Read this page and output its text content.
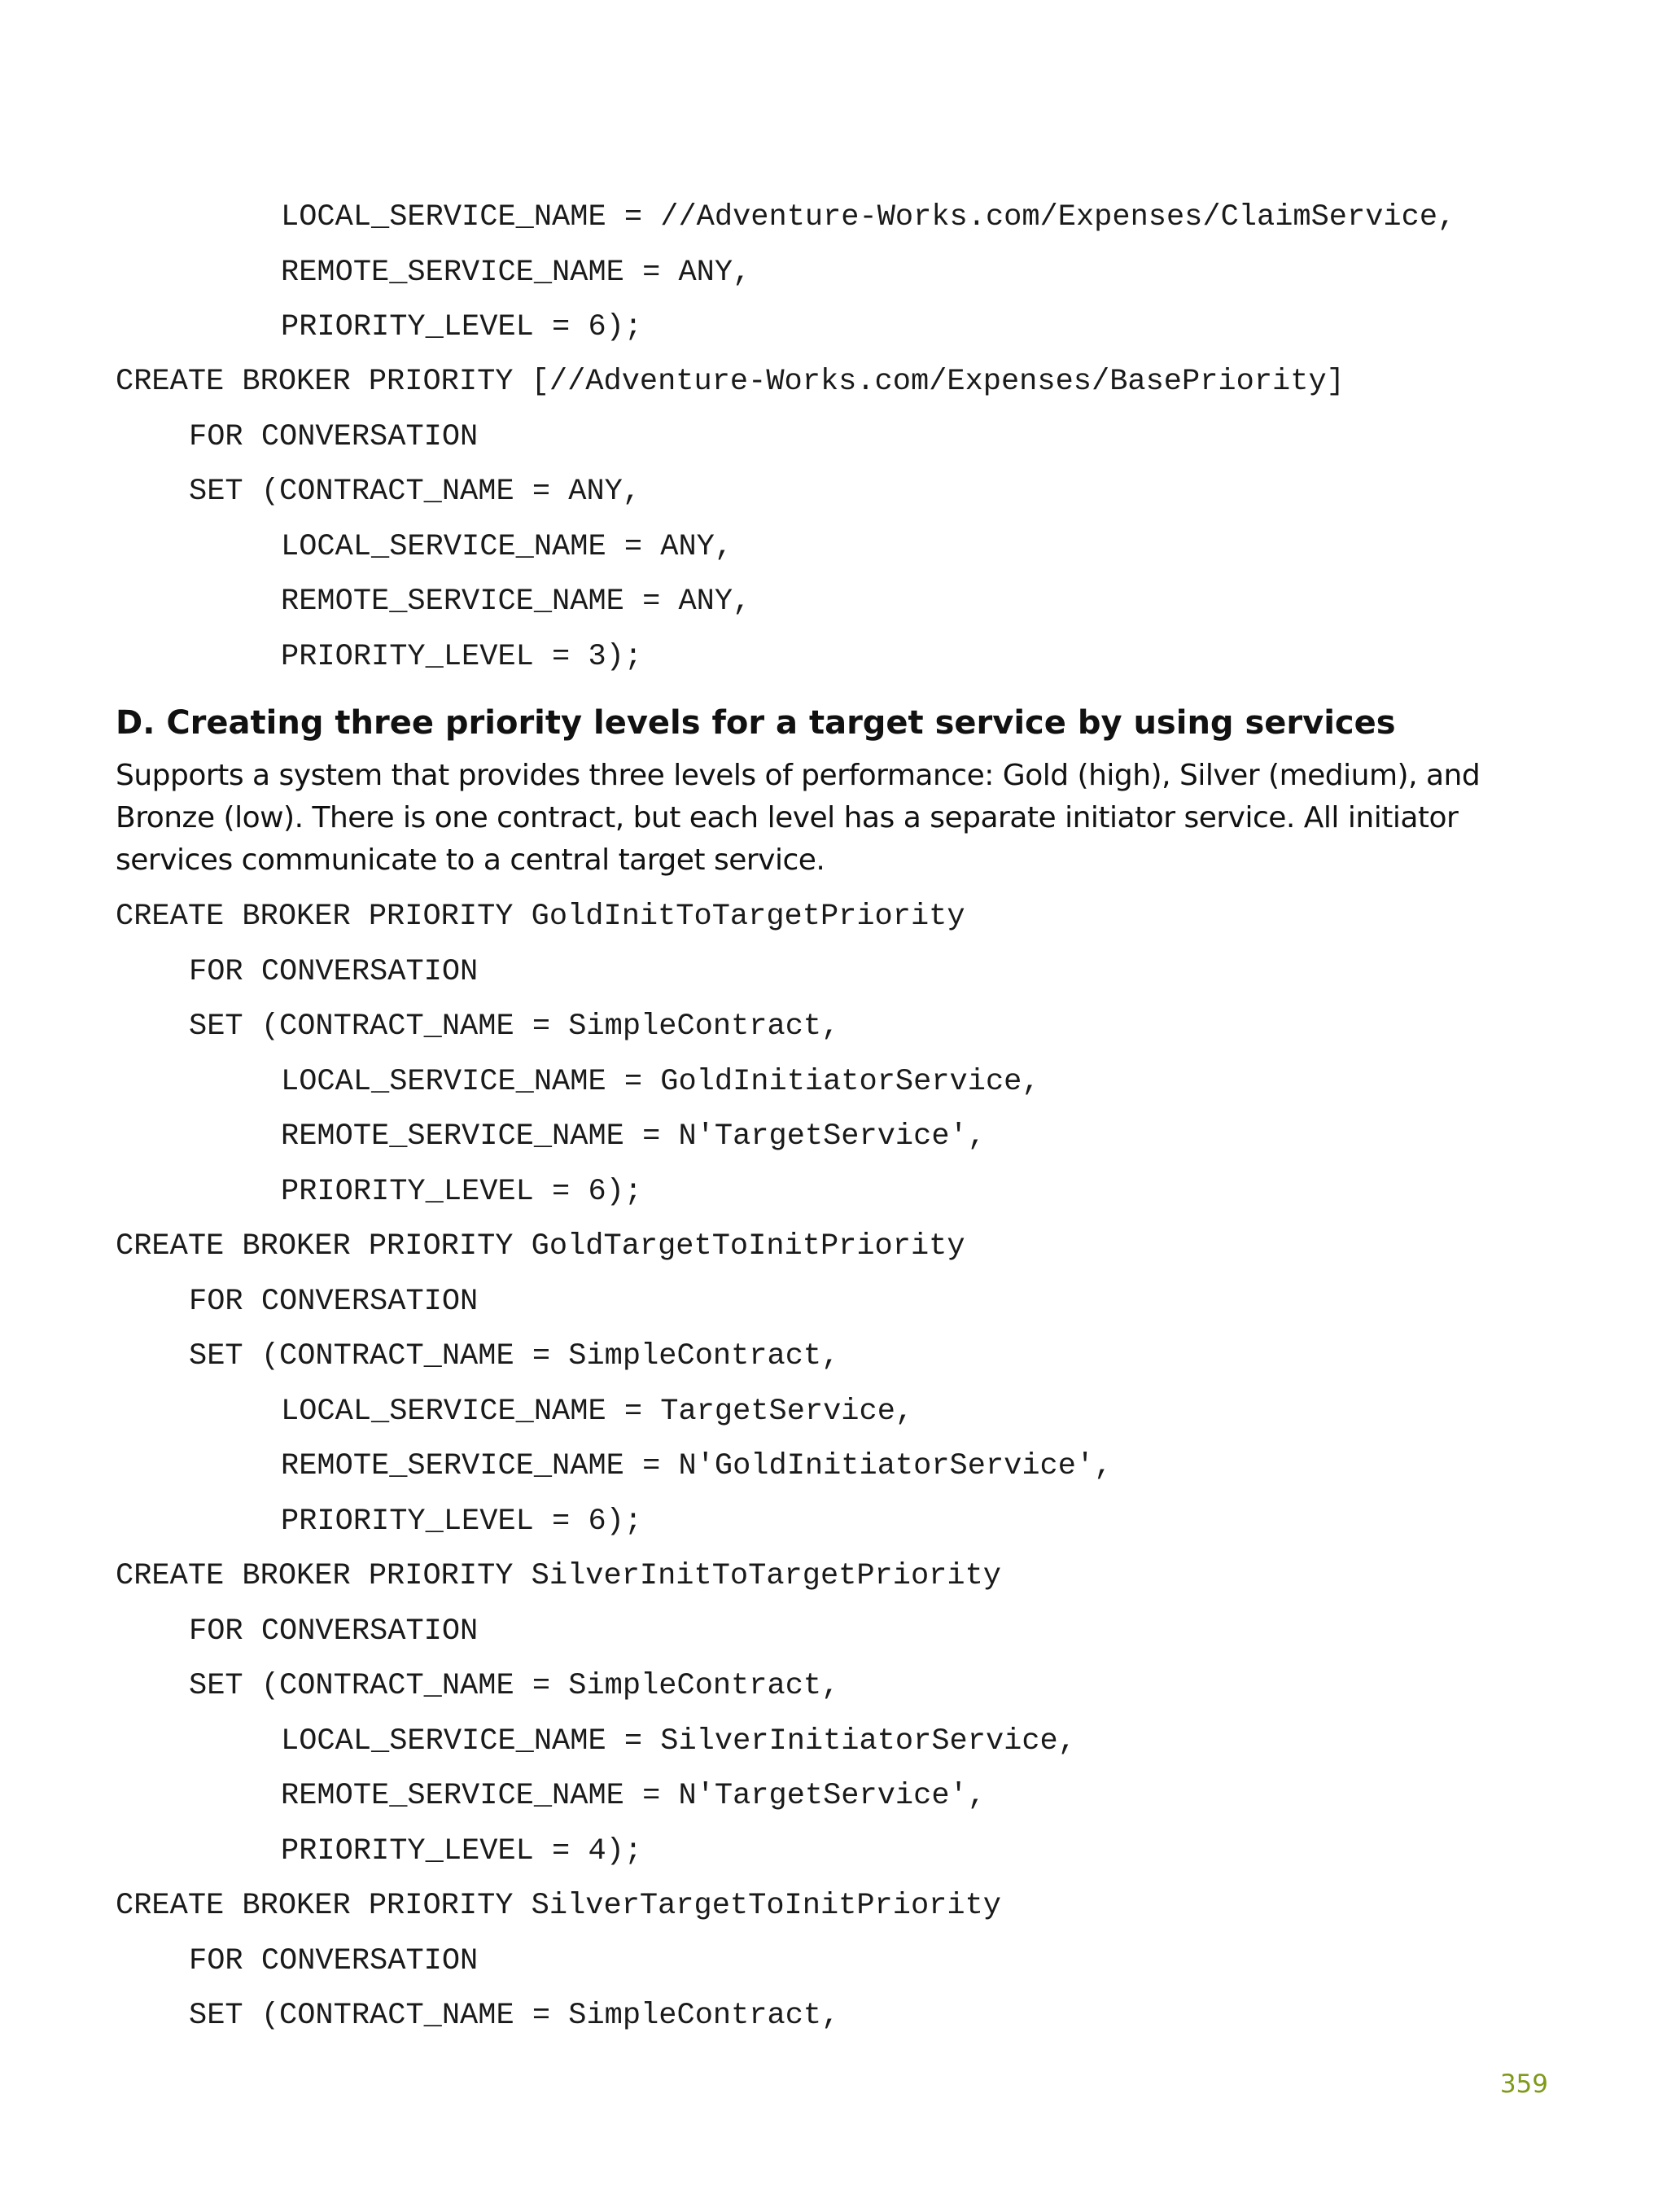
LOCAL_SERVICE_NAME = //Adventure-Works.com/Expenses/ClaimService,
REMOTE_SERVICE_NAME = ANY,
PRIORITY_LEVEL = 6);
CREATE BROKER PRIORITY [//Adventure-Works.com/Expenses/BasePriority]
FOR CONVERSATION
SET (CONTRACT_NAME = ANY,
LOCAL_SERVICE_NAME = ANY,
REMOTE_SERVICE_NAME = ANY,
PRIORITY_LEVEL = 3);
D. Creating three priority levels for a target service by using services

Supports a system that provides three levels of performance: Gold (high), Silver (medium), and Bronze (low). There is one contract, but each level has a separate initiator service. All initiator services communicate to a central target service.

CREATE BROKER PRIORITY GoldInitToTargetPriority
FOR CONVERSATION
SET (CONTRACT_NAME = SimpleContract,
LOCAL_SERVICE_NAME = GoldInitiatorService,
REMOTE_SERVICE_NAME = N'TargetService',
PRIORITY_LEVEL = 6);
CREATE BROKER PRIORITY GoldTargetToInitPriority
FOR CONVERSATION
SET (CONTRACT_NAME = SimpleContract,
LOCAL_SERVICE_NAME = TargetService,
REMOTE_SERVICE_NAME = N'GoldInitiatorService',
PRIORITY_LEVEL = 6);
CREATE BROKER PRIORITY SilverInitToTargetPriority
FOR CONVERSATION
SET (CONTRACT_NAME = SimpleContract,
LOCAL_SERVICE_NAME = SilverInitiatorService,
REMOTE_SERVICE_NAME = N'TargetService',
PRIORITY_LEVEL = 4);
CREATE BROKER PRIORITY SilverTargetToInitPriority
FOR CONVERSATION
SET (CONTRACT_NAME = SimpleContract,
359
